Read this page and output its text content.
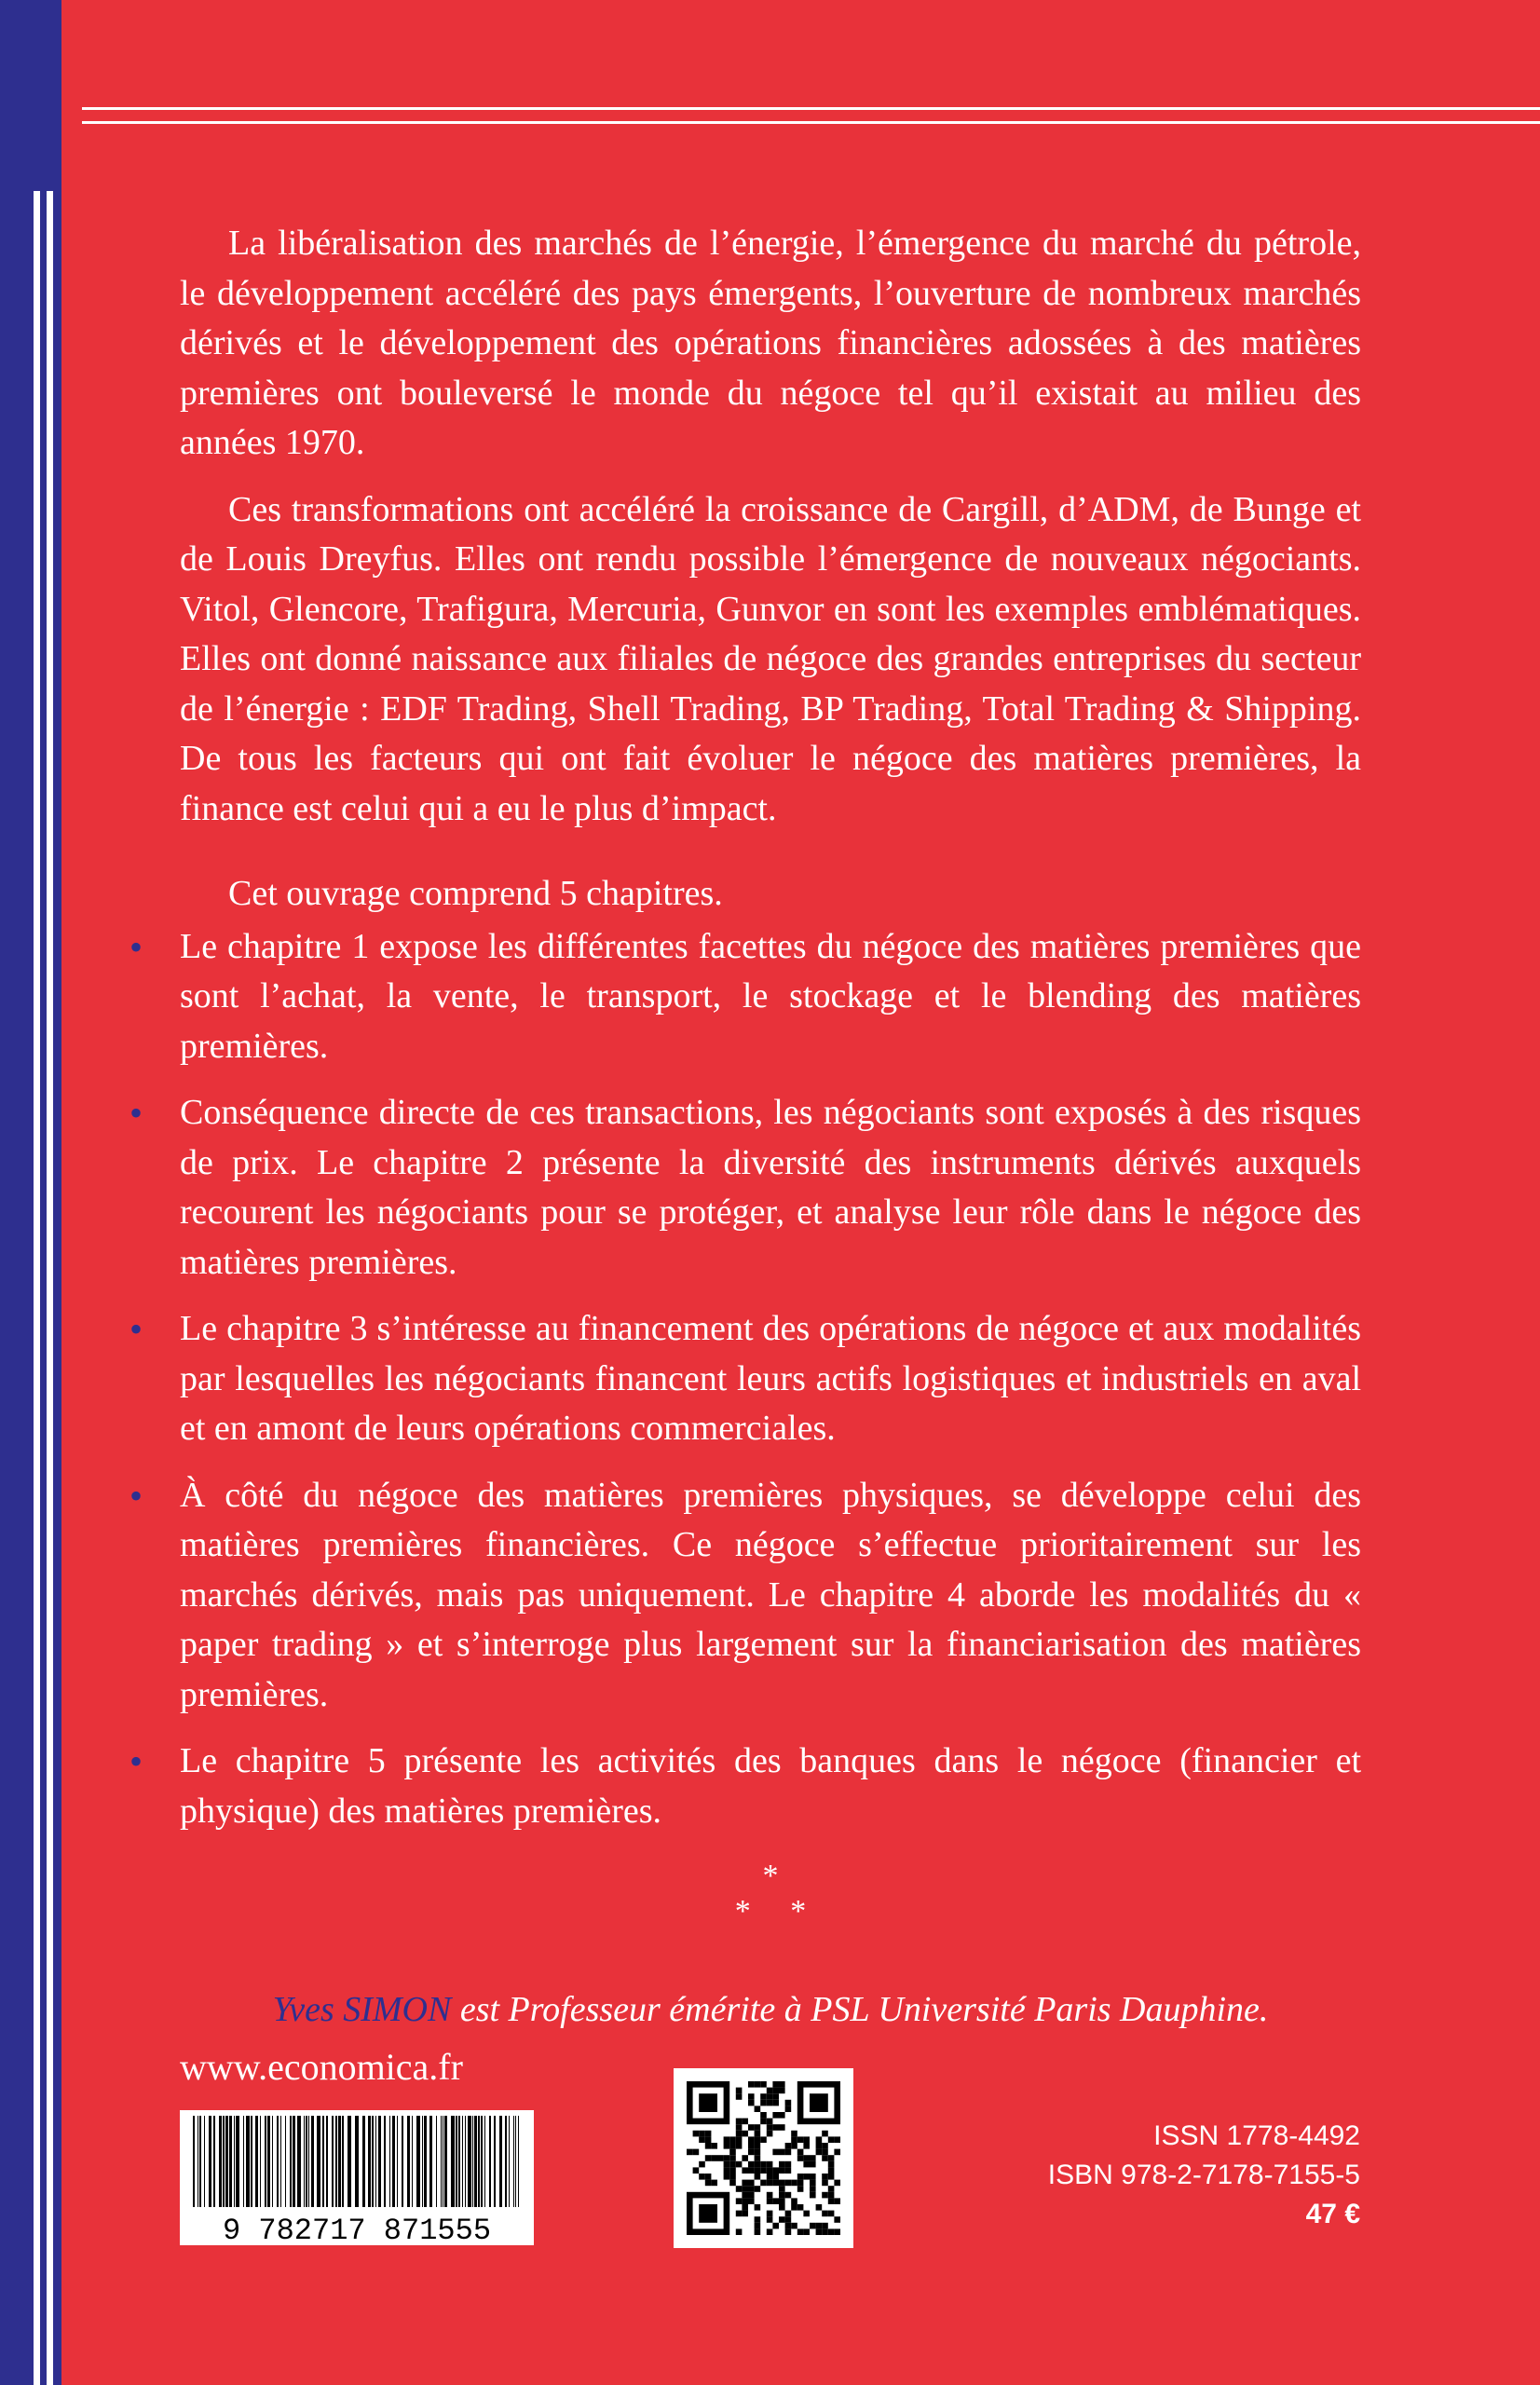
La libéralisation des marchés de l’énergie, l’émergence du marché du pétrole, le développement accéléré des pays émergents, l’ouverture de nombreux marchés dérivés et le développement des opérations financières adossées à des matières premières ont bouleversé le monde du négoce tel qu’il existait au milieu des années 1970.

Ces transformations ont accéléré la croissance de Cargill, d’ADM, de Bunge et de Louis Dreyfus. Elles ont rendu possible l’émergence de nouveaux négociants. Vitol, Glencore, Trafigura, Mercuria, Gunvor en sont les exemples emblématiques. Elles ont donné naissance aux filiales de négoce des grandes entreprises du secteur de l’énergie : EDF Trading, Shell Trading, BP Trading, Total Trading & Shipping. De tous les facteurs qui ont fait évoluer le négoce des matières premières, la finance est celui qui a eu le plus d’impact.

Cet ouvrage comprend 5 chapitres.

• Le chapitre 1 expose les différentes facettes du négoce des matières premières que sont l’achat, la vente, le transport, le stockage et le blending des matières premières.
• Conséquence directe de ces transactions, les négociants sont exposés à des risques de prix. Le chapitre 2 présente la diversité des instruments dérivés auxquels recourent les négociants pour se protéger, et analyse leur rôle dans le négoce des matières premières.
• Le chapitre 3 s’intéresse au financement des opérations de négoce et aux modalités par lesquelles les négociants financent leurs actifs logistiques et industriels en aval et en amont de leurs opérations commerciales.
• À côté du négoce des matières premières physiques, se développe celui des matières premières financières. Ce négoce s’effectue prioritairement sur les marchés dérivés, mais pas uniquement. Le chapitre 4 aborde les modalités du « paper trading » et s’interroge plus largement sur la financiarisation des matières premières.
• Le chapitre 5 présente les activités des banques dans le négoce (financier et physique) des matières premières.
*
*     *
Yves SIMON est Professeur émérite à PSL Université Paris Dauphine.
www.economica.fr
9 782717 871555
ISSN 1778-4492
ISBN 978-2-7178-7155-5
47 €
